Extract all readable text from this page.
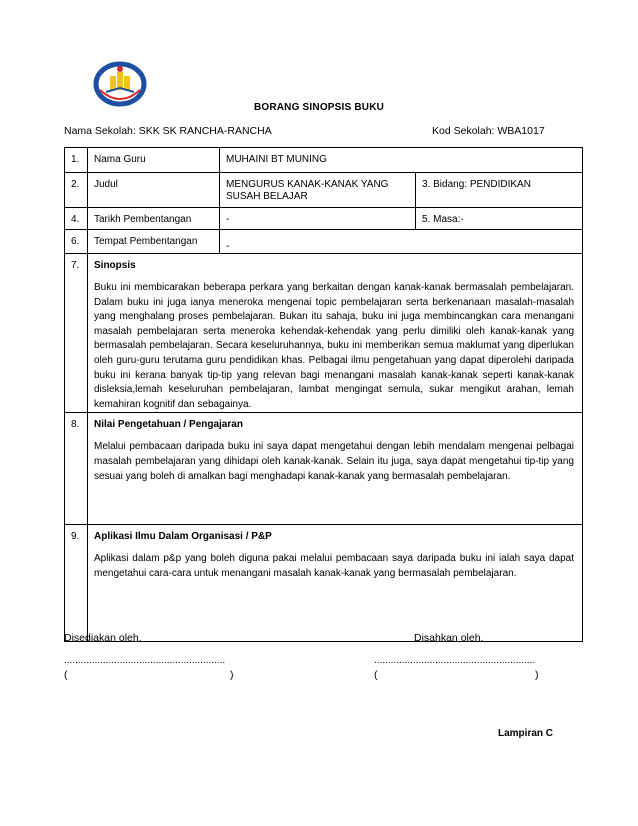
BORANG SINOPSIS BUKU
Nama Sekolah: SKK SK RANCHA-RANCHA	Kod Sekolah: WBA1017
1.	Nama Guru	MUHAINI BT MUNING	
2.	Judul	MENGURUS KANAK-KANAK YANG SUSAH BELAJAR	3. Bidang: PENDIDIKAN
4.	Tarikh Pembentangan	-	5. Masa:-
6.	Tempat Pembentangan	-	
7.	Sinopsis
Buku ini membicarakan beberapa perkara yang berkaitan dengan kanak-kanak bermasalah pembelajaran. Dalam buku ini juga ianya meneroka mengenai topic pembelajaran serta berkenanaan masalah-masalah yang menghalang proses pembelajaran. Bukan itu sahaja, buku ini juga membincangkan cara menangani masalah pembelajaran serta meneroka kehendak-kehendak yang perlu dimiliki oleh kanak-kanak yang bermasalah pembelajaran. Secara keseluruhannya, buku ini memberikan semua maklumat yang diperlukan oleh guru-guru terutama guru pendidikan khas. Pelbagai ilmu pengetahuan yang dapat diperolehi daripada buku ini kerana banyak tip-tip yang relevan bagi menangani masalah kanak-kanak seperti kanak-kanak disleksia,lemah keseluruhan pembelajaran, lambat mengingat semula, sukar mengikut arahan, lemah kemahiran kognitif dan sebagainya.		

8.	Nilai Pengetahuan / Pengajaran
Melalui pembacaan daripada buku ini saya dapat mengetahui dengan lebih mendalam mengenai pelbagai masalah pembelajaran yang dihidapi oleh kanak-kanak. Selain itu juga, saya dapat mengetahui tip-tip yang sesuai yang boleh di amalkan bagi menghadapi kanak-kanak yang bermasalah pembelajaran.		

9.	Aplikasi Ilmu Dalam Organisasi / P&P
Aplikasi dalam p&p yang boleh diguna pakai melalui pembacaan saya daripada buku ini ialah saya dapat mengetahui cara-cara untuk menangani masalah kanak-kanak yang bermasalah pembelajaran.		
Disediakan oleh,	Disahkan oleh,
..........................................................	..........................................................
(	)	(	)
Lampiran C
